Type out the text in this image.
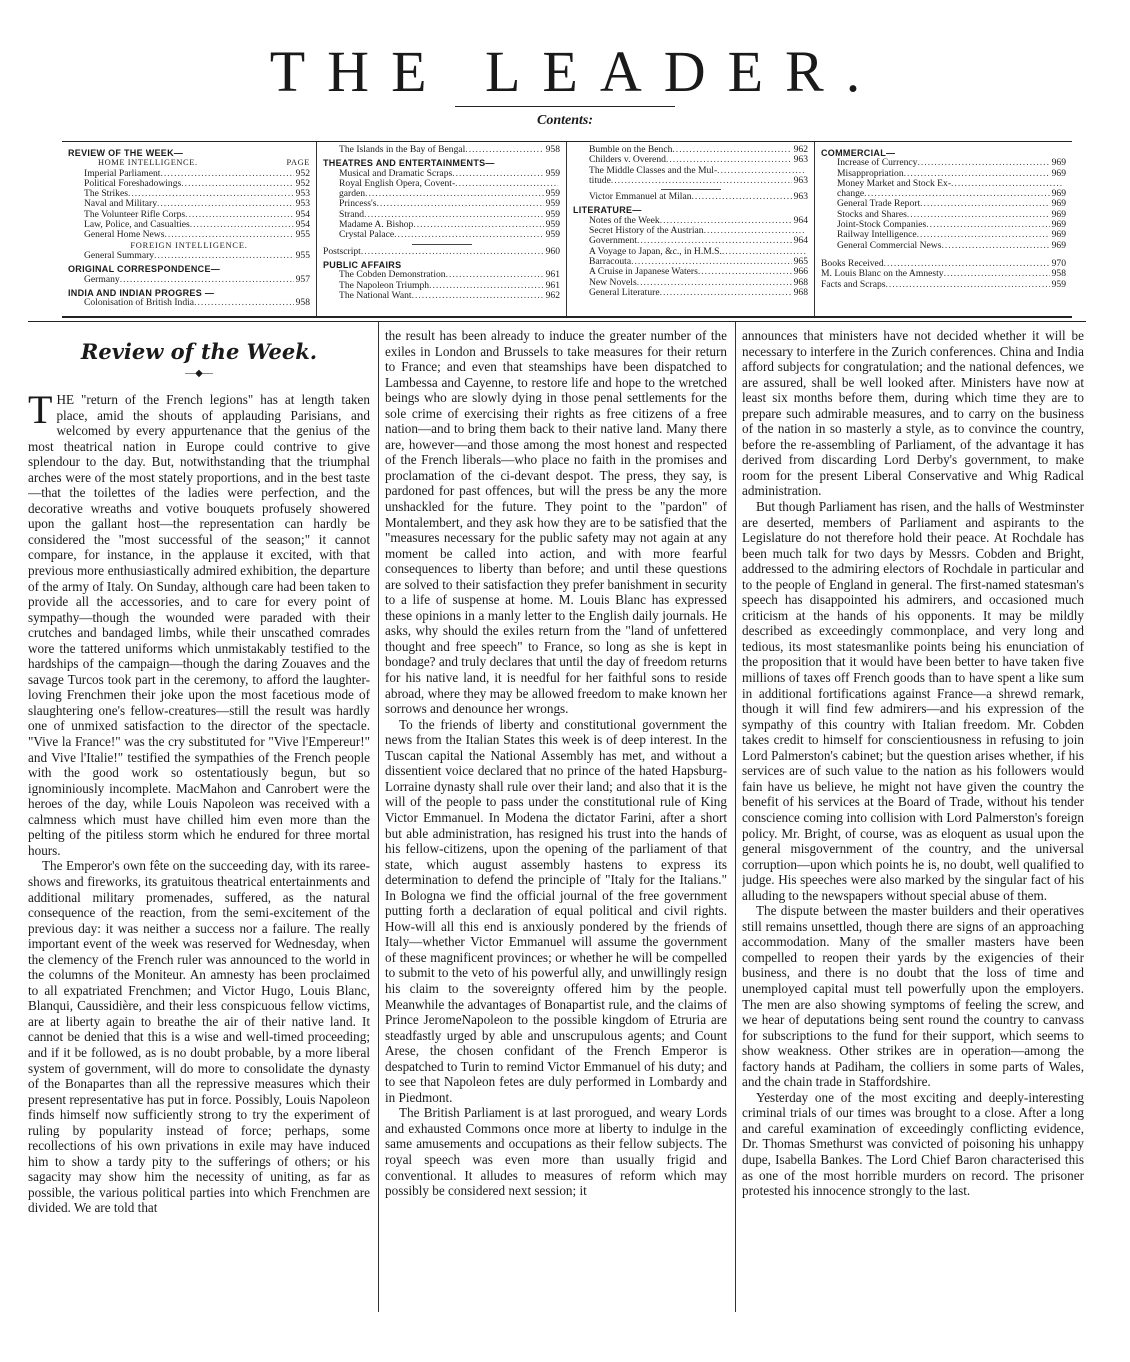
THE LEADER.
Contents:
REVIEW OF THE WEEK—
HOME INTELLIGENCE.	PAGE
Imperial Parliament .....	952
Political Foreshadowings .....	952
The Strikes .....	953
Naval and Military .....	953
The Volunteer Rifle Corps .....	954
Law, Police, and Casualties .....	954
General Home News .....	955
FOREIGN INTELLIGENCE.
General Summary .....	955
ORIGINAL CORRESPONDENCE—
Germany .....	957
INDIA AND INDIAN PROGRES —
Colonisation of British India .....	958
The Islands in the Bay of Bengal .....	958
THEATRES AND ENTERTAINMENTS—
Musical and Dramatic Scraps .....	959
Royal English Opera, Covent-
.....
garden .....	959
Princess's .....	959
Strand .....	959
Madame A. Bishop .....	959
Crystal Palace .....	959
Postscript .....	960
PUBLIC AFFAIRS
The Cobden Demonstration .....	961
The Napoleon Triumph .....	961
The National Want .....	962
Bumble on the Bench .....	962
Childers v. Overend .....	963
The Middle Classes and the Mul-
.....
titude .....	963
Victor Emmanuel at Milan .....	963
LITERATURE—
Notes of the Week .....	964
Secret History of the Austrian
.....
Government .....	964
A Voyage to Japan, &c., in H.M.S.
.....
Barracouta .....	965
A Cruise in Japanese Waters .....	966
New Novels .....	968
General Literature .....	968
COMMERCIAL—
Increase of Currency .....	969
Misappropriation .....	969
Money Market and Stock Ex-
.....
change .....	969
General Trade Report .....	969
Stocks and Shares .....	969
Joint-Stock Companies .....	969
Railway Intelligence .....	969
General Commercial News .....	969
Books Received .....	970
M. Louis Blanc on the Amnesty .....	958
Facts and Scraps .....	959
Review of the Week.
—◆—

THE "return of the French legions" has at length taken place, amid the shouts of applauding Parisians, and welcomed by every appurtenance that the genius of the most theatrical nation in Europe could contrive to give splendour to the day. But, notwithstanding that the triumphal arches were of the most stately proportions, and in the best taste—that the toilettes of the ladies were perfection, and the decorative wreaths and votive bouquets profusely showered upon the gallant host—the representation can hardly be considered the "most successful of the season;" it cannot compare, for instance, in the applause it excited, with that previous more enthusiastically admired exhibition, the departure of the army of Italy. On Sunday, although care had been taken to provide all the accessories, and to care for every point of sympathy—though the wounded were paraded with their crutches and bandaged limbs, while their unscathed comrades wore the tattered uniforms which unmistakably testified to the hardships of the campaign—though the daring Zouaves and the savage Turcos took part in the ceremony, to afford the laughter-loving Frenchmen their joke upon the most facetious mode of slaughtering one's fellow-creatures—still the result was hardly one of unmixed satisfaction to the director of the spectacle. "Vive la France!" was the cry substituted for "Vive l'Empereur!" and Vive l'Italie!" testified the sympathies of the French people with the good work so ostentatiously begun, but so ignominiously incomplete. MacMahon and Canrobert were the heroes of the day, while Louis Napoleon was received with a calmness which must have chilled him even more than the pelting of the pitiless storm which he endured for three mortal hours.

The Emperor's own fête on the succeeding day, with its raree-shows and fireworks, its gratuitous theatrical entertainments and additional military promenades, suffered, as the natural consequence of the reaction, from the semi-excitement of the previous day: it was neither a success nor a failure. The really important event of the week was reserved for Wednesday, when the clemency of the French ruler was announced to the world in the columns of the Moniteur. An amnesty has been proclaimed to all expatriated Frenchmen; and Victor Hugo, Louis Blanc, Blanqui, Caussidière, and their less conspicuous fellow victims, are at liberty again to breathe the air of their native land. It cannot be denied that this is a wise and well-timed proceeding; and if it be followed, as is no doubt probable, by a more liberal system of government, will do more to consolidate the dynasty of the Bonapartes than all the repressive measures which their present representative has put in force. Possibly, Louis Napoleon finds himself now sufficiently strong to try the experiment of ruling by popularity instead of force; perhaps, some recollections of his own privations in exile may have induced him to show a tardy pity to the sufferings of others; or his sagacity may show him the necessity of uniting, as far as possible, the various political parties into which Frenchmen are divided. We are told that

the result has been already to induce the greater number of the exiles in London and Brussels to take measures for their return to France; and even that steamships have been dispatched to Lambessa and Cayenne, to restore life and hope to the wretched beings who are slowly dying in those penal settlements for the sole crime of exercising their rights as free citizens of a free nation—and to bring them back to their native land. Many there are, however—and those among the most honest and respected of the French liberals—who place no faith in the promises and proclamation of the ci-devant despot. The press, they say, is pardoned for past offences, but will the press be any the more unshackled for the future. They point to the "pardon" of Montalembert, and they ask how they are to be satisfied that the "measures necessary for the public safety may not again at any moment be called into action, and with more fearful consequences to liberty than before; and until these questions are solved to their satisfaction they prefer banishment in security to a life of suspense at home. M. Louis Blanc has expressed these opinions in a manly letter to the English daily journals. He asks, why should the exiles return from the "land of unfettered thought and free speech" to France, so long as she is kept in bondage? and truly declares that until the day of freedom returns for his native land, it is needful for her faithful sons to reside abroad, where they may be allowed freedom to make known her sorrows and denounce her wrongs.

To the friends of liberty and constitutional government the news from the Italian States this week is of deep interest. In the Tuscan capital the National Assembly has met, and without a dissentient voice declared that no prince of the hated Hapsburg-Lorraine dynasty shall rule over their land; and also that it is the will of the people to pass under the constitutional rule of King Victor Emmanuel. In Modena the dictator Farini, after a short but able administration, has resigned his trust into the hands of his fellow-citizens, upon the opening of the parliament of that state, which august assembly hastens to express its determination to defend the principle of "Italy for the Italians." In Bologna we find the official journal of the free government putting forth a declaration of equal political and civil rights. How-will all this end is anxiously pondered by the friends of Italy—whether Victor Emmanuel will assume the government of these magnificent provinces; or whether he will be compelled to submit to the veto of his powerful ally, and unwillingly resign his claim to the sovereignty offered him by the people. Meanwhile the advantages of Bonapartist rule, and the claims of Prince JeromeNapoleon to the possible kingdom of Etruria are steadfastly urged by able and unscrupulous agents; and Count Arese, the chosen confidant of the French Emperor is despatched to Turin to remind Victor Emmanuel of his duty; and to see that Napoleon fetes are duly performed in Lombardy and in Piedmont.

The British Parliament is at last prorogued, and weary Lords and exhausted Commons once more at liberty to indulge in the same amusements and occupations as their fellow subjects. The royal speech was even more than usually frigid and conventional. It alludes to measures of reform which may possibly be considered next session; it

announces that ministers have not decided whether it will be necessary to interfere in the Zurich conferences. China and India afford subjects for congratulation; and the national defences, we are assured, shall be well looked after. Ministers have now at least six months before them, during which time they are to prepare such admirable measures, and to carry on the business of the nation in so masterly a style, as to convince the country, before the re-assembling of Parliament, of the advantage it has derived from discarding Lord Derby's government, to make room for the present Liberal Conservative and Whig Radical administration.

But though Parliament has risen, and the halls of Westminster are deserted, members of Parliament and aspirants to the Legislature do not therefore hold their peace. At Rochdale has been much talk for two days by Messrs. Cobden and Bright, addressed to the admiring electors of Rochdale in particular and to the people of England in general. The first-named statesman's speech has disappointed his admirers, and occasioned much criticism at the hands of his opponents. It may be mildly described as exceedingly commonplace, and very long and tedious, its most statesmanlike points being his enunciation of the proposition that it would have been better to have taken five millions of taxes off French goods than to have spent a like sum in additional fortifications against France—a shrewd remark, though it will find few admirers—and his expression of the sympathy of this country with Italian freedom. Mr. Cobden takes credit to himself for conscientiousness in refusing to join Lord Palmerston's cabinet; but the question arises whether, if his services are of such value to the nation as his followers would fain have us believe, he might not have given the country the benefit of his services at the Board of Trade, without his tender conscience coming into collision with Lord Palmerston's foreign policy. Mr. Bright, of course, was as eloquent as usual upon the general misgovernment of the country, and the universal corruption—upon which points he is, no doubt, well qualified to judge. His speeches were also marked by the singular fact of his alluding to the newspapers without special abuse of them.

The dispute between the master builders and their operatives still remains unsettled, though there are signs of an approaching accommodation. Many of the smaller masters have been compelled to reopen their yards by the exigencies of their business, and there is no doubt that the loss of time and unemployed capital must tell powerfully upon the employers. The men are also showing symptoms of feeling the screw, and we hear of deputations being sent round the country to canvass for subscriptions to the fund for their support, which seems to show weakness. Other strikes are in operation—among the factory hands at Padiham, the colliers in some parts of Wales, and the chain trade in Staffordshire.

Yesterday one of the most exciting and deeply-interesting criminal trials of our times was brought to a close. After a long and careful examination of exceedingly conflicting evidence, Dr. Thomas Smethurst was convicted of poisoning his unhappy dupe, Isabella Bankes. The Lord Chief Baron characterised this as one of the most horrible murders on record. The prisoner protested his innocence strongly to the last.
